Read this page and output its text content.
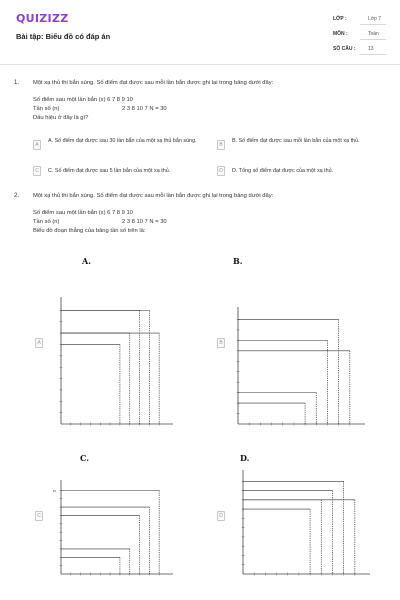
QUIZIZZ
Bài tập: Biểu đồ có đáp án
LỚP :	Lớp 7
MÔN :	Toán
SỐ CÂU :	13
1. Một xạ thủ thi bắn súng. Số điểm đạt được sau mỗi lần bắn được ghi lại trong bảng dưới đây:
Số điểm sau một lần bắn (x) 6 7 8 9 10
Tần số (n)	2 3 8 10 7 N = 30
Dấu hiệu ở đây là gì?
A
A. Số điểm đạt được sau 30 lần bắn của một xạ thủ bắn súng.
B
B. Số điểm đạt được sau mỗi lần bắn của một xạ thủ.
C	C. Số điểm đạt được sau 5 lần bắn của một xạ thủ.	D	D. Tổng số điểm đạt được của một xạ thủ.
2. Một xạ thủ thi bắn súng. Số điểm đạt được sau mỗi lần bắn được ghi lại trong bảng dưới đây:
Số điểm sau một lần bắn (x) 6 7 8 9 10
Tần số (n)	2 3 8 10 7 N = 30
Biểu đồ đoạn thẳng của bảng tần số trên là:
A.	B.
C.	D.
A	B
C	D
10
